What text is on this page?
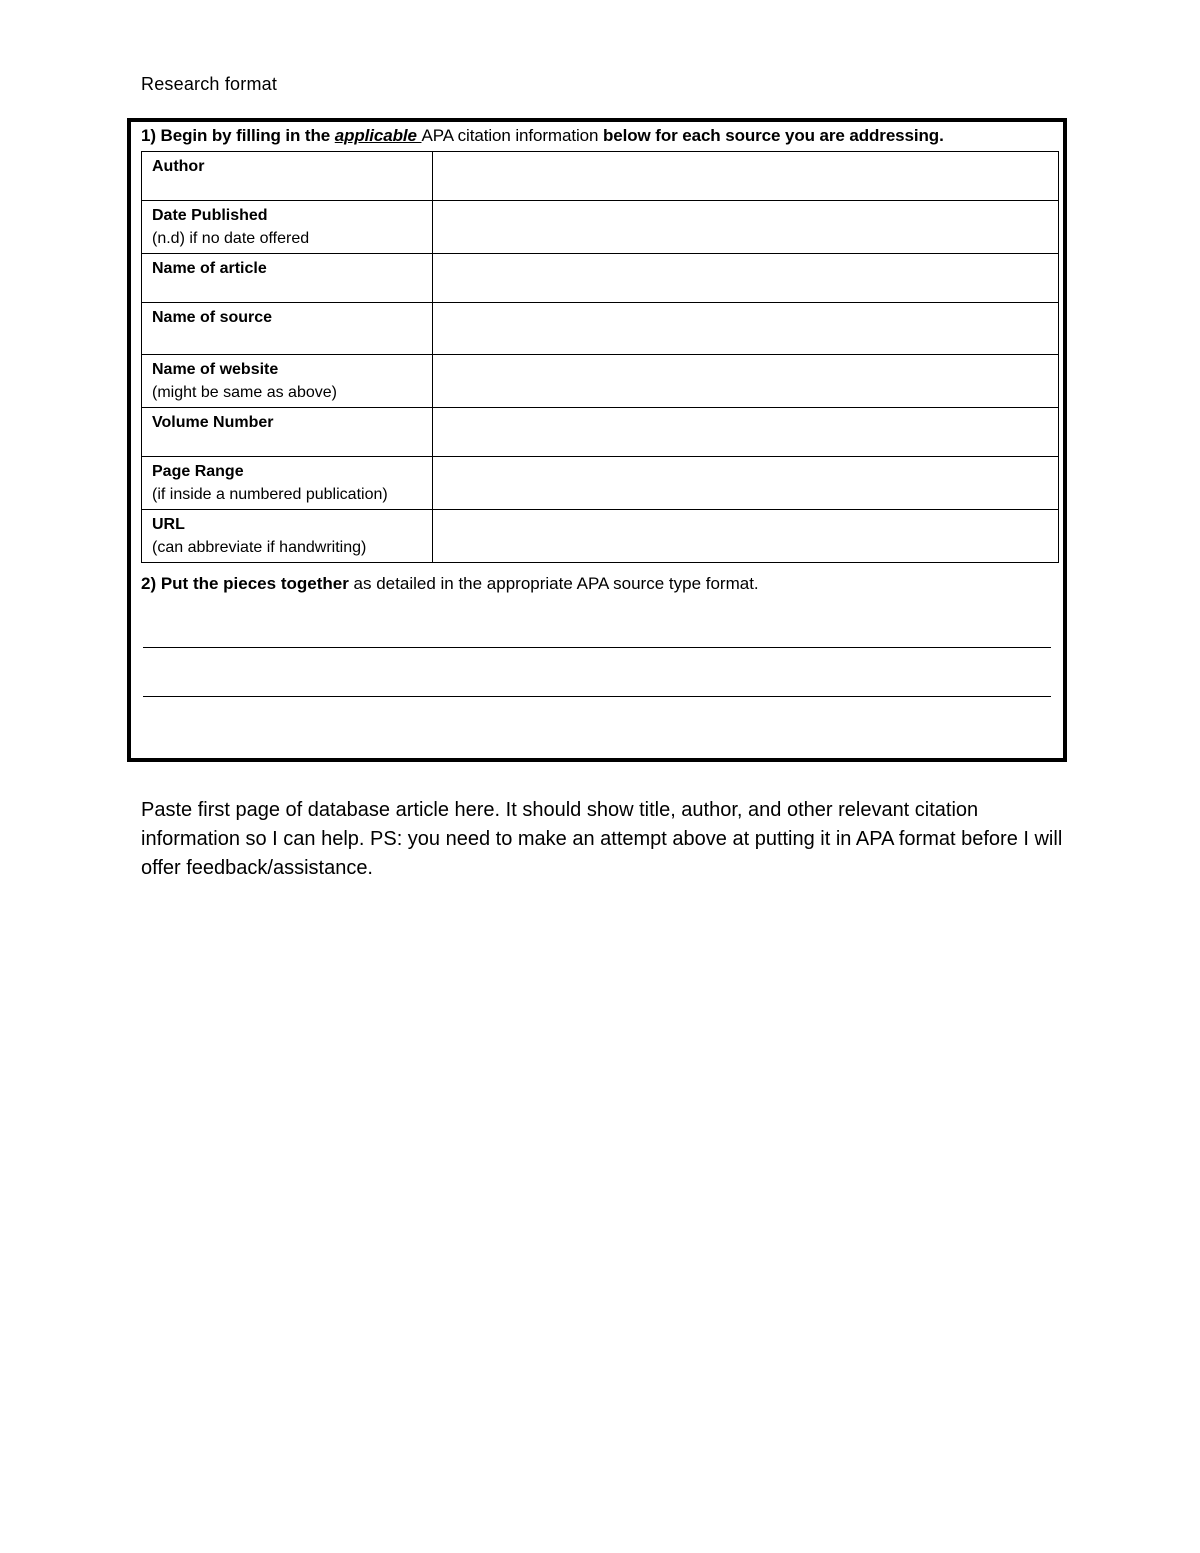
Research format
1) Begin by filling in the applicable APA citation information below for each source you are addressing.
Author	

Date Published
(n.d) if no date offered	

Name of article	

Name of source	

Name of website
(might be same as above)	

Volume Number	

Page Range
(if inside a numbered publication)	

URL
(can abbreviate if handwriting)	

2) Put the pieces together as detailed in the appropriate APA source type format.
Paste first page of database article here. It should show title, author, and other relevant citation information so I can help. PS: you need to make an attempt above at putting it in APA format before I will offer feedback/assistance.
